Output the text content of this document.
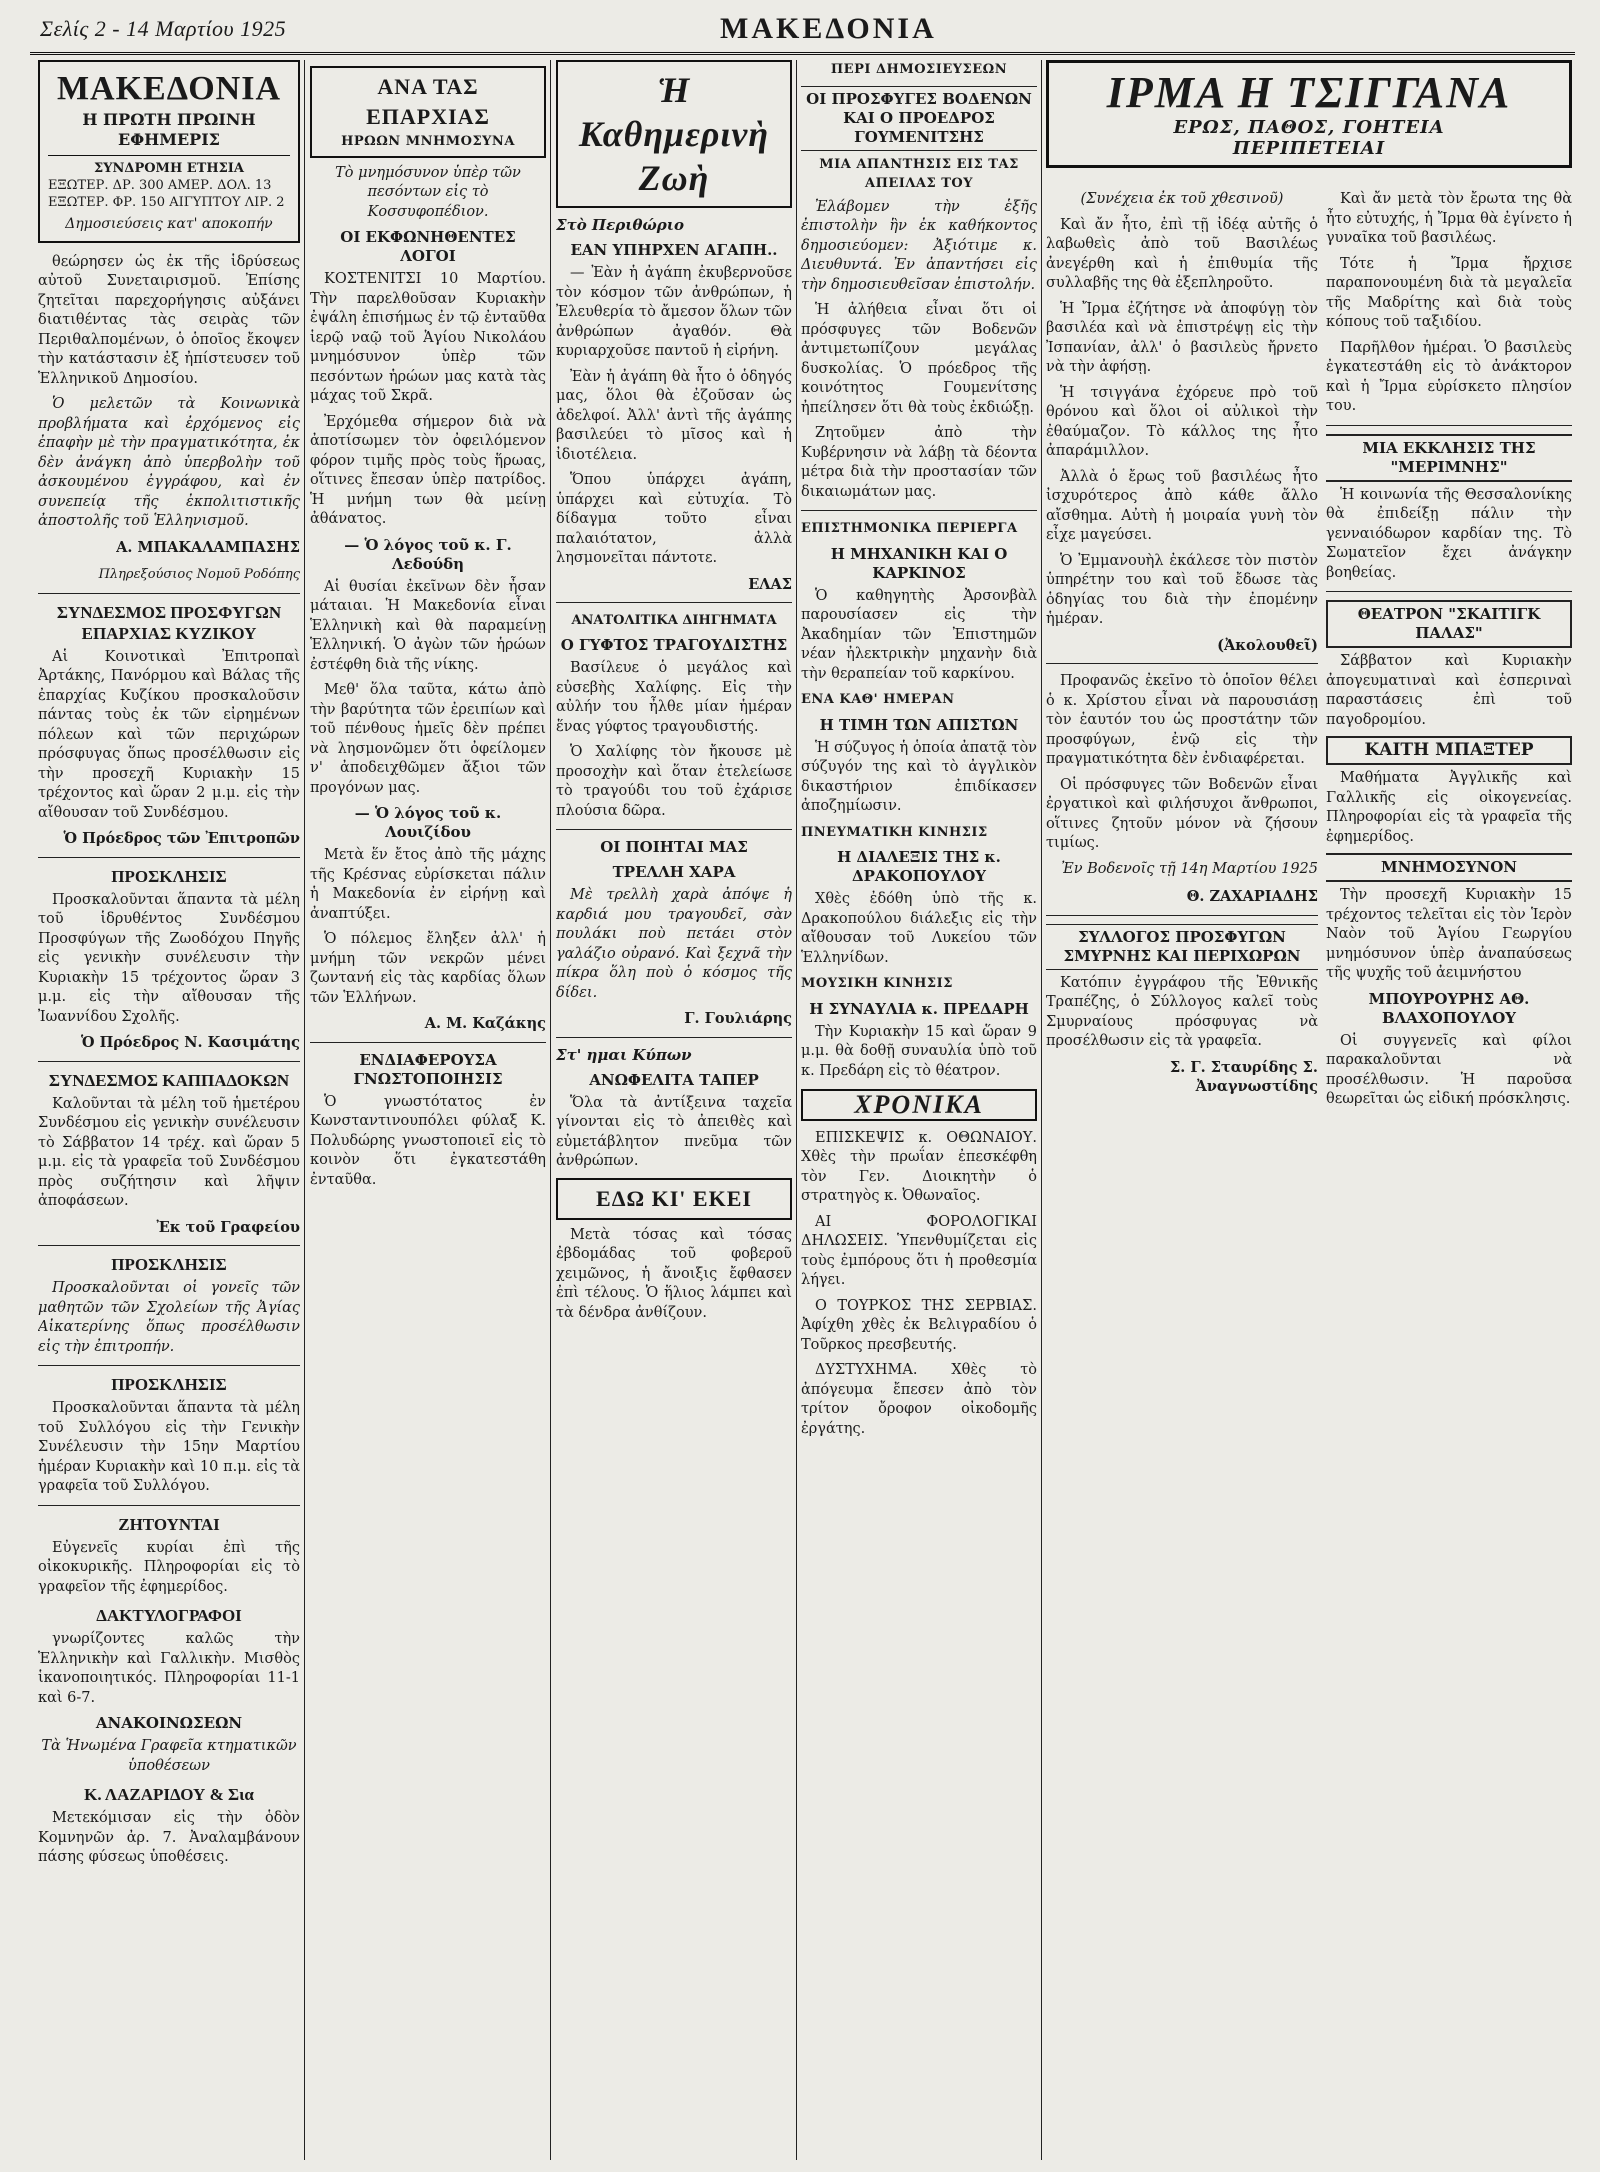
Σελίς 2 - 14 Μαρτίου 1925	ΜΑΚΕΔΟΝΙΑ
ΜΑΚΕΔΟΝΙΑ
Η ΠΡΩΤΗ ΠΡΩΙΝΗ ΕΦΗΜΕΡΙΣ
ΣΥΝΔΡΟΜΗ ΕΤΗΣΙΑ
ΕΞΩΤΕΡ. ΔΡ. 300 ΑΜΕΡ. ΔΟΛ. 13
ΕΞΩΤΕΡ. ΦΡ. 150 ΑΙΓΥΠΤΟΥ ΛΙΡ. 2
Δημοσιεύσεις κατ' αποκοπήν

θεώρησεν ὡς ἐκ τῆς ἱδρύσεως αὐτοῦ Συνεταιρισμοῦ. Ἐπίσης ζητεῖται παρεχορήγησις αὐξάνει διατιθέντας τὰς σειρὰς τῶν Περιθαλπομένων, ὁ ὁποῖος ἔκοψεν τὴν κατάστασιν ἐξ ἠπίστευσεν τοῦ Ἑλληνικοῦ Δημοσίου.

Ὁ μελετῶν τὰ Κοινωνικὰ προβλήματα καὶ ἐρχόμενος εἰς ἐπαφὴν μὲ τὴν πραγματικότητα, ἐκ δὲν ἀνάγκη ἀπὸ ὑπερβολὴν τοῦ ἀσκουμένου ἐγγράφου, καὶ ἐν συνεπείᾳ τῆς ἐκπολιτιστικῆς ἀποστολῆς τοῦ Ἑλληνισμοῦ.

Α. ΜΠΑΚΑΛΑΜΠΑΣΗΣ
Πληρεξούσιος Νομοῦ Ροδόπης
ΣΥΝΔΕΣΜΟΣ ΠΡΟΣΦΥΓΩΝ ΕΠΑΡΧΙΑΣ ΚΥΖΙΚΟΥ

Αἱ Κοινοτικαὶ Ἐπιτροπαὶ Ἀρτάκης, Πανόρμου καὶ Βάλας τῆς ἐπαρχίας Κυζίκου προσκαλοῦσιν πάντας τοὺς ἐκ τῶν εἰρημένων πόλεων καὶ τῶν περιχώρων πρόσφυγας ὅπως προσέλθωσιν εἰς τὴν προσεχῆ Κυριακὴν 15 τρέχοντος καὶ ὥραν 2 μ.μ. εἰς τὴν αἴθουσαν τοῦ Συνδέσμου.

Ὁ Πρόεδρος τῶν Ἐπιτροπῶν
ΠΡΟΣΚΛΗΣΙΣ

Προσκαλοῦνται ἅπαντα τὰ μέλη τοῦ ἱδρυθέντος Συνδέσμου Προσφύγων τῆς Ζωοδόχου Πηγῆς εἰς γενικὴν συνέλευσιν τὴν Κυριακὴν 15 τρέχοντος ὥραν 3 μ.μ. εἰς τὴν αἴθουσαν τῆς Ἰωαννίδου Σχολῆς.

Ὁ Πρόεδρος Ν. Κασιμάτης
ΣΥΝΔΕΣΜΟΣ ΚΑΠΠΑΔΟΚΩΝ

Καλοῦνται τὰ μέλη τοῦ ἡμετέρου Συνδέσμου εἰς γενικὴν συνέλευσιν τὸ Σάββατον 14 τρέχ. καὶ ὥραν 5 μ.μ. εἰς τὰ γραφεῖα τοῦ Συνδέσμου πρὸς συζήτησιν καὶ λῆψιν ἀποφάσεων.

Ἐκ τοῦ Γραφείου
ΠΡΟΣΚΛΗΣΙΣ

Προσκαλοῦνται οἱ γονεῖς τῶν μαθητῶν τῶν Σχολείων τῆς Ἀγίας Αἰκατερίνης ὅπως προσέλθωσιν εἰς τὴν ἐπιτροπήν.

ΠΡΟΣΚΛΗΣΙΣ

Προσκαλοῦνται ἅπαντα τὰ μέλη τοῦ Συλλόγου εἰς τὴν Γενικὴν Συνέλευσιν τὴν 15ην Μαρτίου ἡμέραν Κυριακὴν καὶ 10 π.μ. εἰς τὰ γραφεῖα τοῦ Συλλόγου.

ΖΗΤΟΥΝΤΑΙ

Εὐγενεῖς κυρίαι ἐπὶ τῆς οἰκοκυρικῆς. Πληροφορίαι εἰς τὸ γραφεῖον τῆς ἐφημερίδος.

ΔΑΚΤΥΛΟΓΡΑΦΟΙ

γνωρίζοντες καλῶς τὴν Ἑλληνικὴν καὶ Γαλλικὴν. Μισθὸς ἱκανοποιητικός. Πληροφορίαι 11-1 καὶ 6-7.

ΑΝΑΚΟΙΝΩΣΕΩΝ

Τὰ Ἡνωμένα Γραφεῖα κτηματικῶν ὑποθέσεων

Κ. ΛΑΖΑΡΙΔΟΥ & Σια

Μετεκόμισαν εἰς τὴν ὁδὸν Κομνηνῶν ἀρ. 7. Ἀναλαμβάνουν πάσης φύσεως ὑποθέσεις.

ΑΝΑ ΤΑΣ ΕΠΑΡΧΙΑΣ
ΗΡΩΩΝ ΜΝΗΜΟΣΥΝΑ

Τὸ μνημόσυνον ὑπὲρ τῶν πεσόντων εἰς τὸ Κοσσυφοπέδιον.

ΟΙ ΕΚΦΩΝΗΘΕΝΤΕΣ ΛΟΓΟΙ

ΚΟΣΤΕΝΙΤΣΙ 10 Μαρτίου. Τὴν παρελθοῦσαν Κυριακὴν ἐψάλη ἐπισήμως ἐν τῷ ἐνταῦθα ἱερῷ ναῷ τοῦ Ἁγίου Νικολάου μνημόσυνον ὑπὲρ τῶν πεσόντων ἡρώων μας κατὰ τὰς μάχας τοῦ Σκρᾶ.

Ἐρχόμεθα σήμερον διὰ νὰ ἀποτίσωμεν τὸν ὀφειλόμενον φόρον τιμῆς πρὸς τοὺς ἥρωας, οἵτινες ἔπεσαν ὑπὲρ πατρίδος. Ἡ μνήμη των θὰ μείνῃ ἀθάνατος.

— Ὁ λόγος τοῦ κ. Γ. Λεδούδη

Αἱ θυσίαι ἐκεῖνων δὲν ἦσαν μάταιαι. Ἡ Μακεδονία εἶναι Ἑλληνικὴ καὶ θὰ παραμείνῃ Ἑλληνική. Ὁ ἀγὼν τῶν ἡρώων ἐστέφθη διὰ τῆς νίκης.

Μεθ' ὅλα ταῦτα, κάτω ἀπὸ τὴν βαρύτητα τῶν ἐρειπίων καὶ τοῦ πένθους ἡμεῖς δὲν πρέπει νὰ λησμονῶμεν ὅτι ὀφείλομεν ν' ἀποδειχθῶμεν ἄξιοι τῶν προγόνων μας.

— Ὁ λόγος τοῦ κ. Λουιζίδου

Μετὰ ἕν ἔτος ἀπὸ τῆς μάχης τῆς Κρέσνας εὐρίσκεται πάλιν ἡ Μακεδονία ἐν εἰρήνῃ καὶ ἀναπτύξει.

Ὁ πόλεμος ἔληξεν ἀλλ' ἡ μνήμη τῶν νεκρῶν μένει ζωντανή εἰς τὰς καρδίας ὅλων τῶν Ἑλλήνων.

Α. Μ. Καζάκης
ΕΝΔΙΑΦΕΡΟΥΣΑ ΓΝΩΣΤΟΠΟΙΗΣΙΣ

Ὁ γνωστότατος ἐν Κωνσταντινουπόλει φύλαξ Κ. Πολυδώρης γνωστοποιεῖ εἰς τὸ κοινὸν ὅτι ἐγκατεστάθη ἐνταῦθα.

Ἡ Καθημερινὴ Ζωὴ
Στὸ Περιθώριο
ΕΑΝ ΥΠΗΡΧΕΝ ΑΓΑΠΗ..

— Ἐὰν ἡ ἀγάπη ἐκυβερνοῦσε τὸν κόσμον τῶν ἀνθρώπων, ἡ Ἐλευθερία τὸ ἄμεσον ὅλων τῶν ἀνθρώπων ἀγαθόν. Θὰ κυριαρχοῦσε παντοῦ ἡ εἰρήνη.

Ἐὰν ἡ ἀγάπη θὰ ἦτο ὁ ὁδηγός μας, ὅλοι θὰ ἐζοῦσαν ὡς ἀδελφοί. Ἀλλ' ἀντὶ τῆς ἀγάπης βασιλεύει τὸ μῖσος καὶ ἡ ἰδιοτέλεια.

Ὅπου ὑπάρχει ἀγάπη, ὑπάρχει καὶ εὐτυχία. Τὸ δίδαγμα τοῦτο εἶναι παλαιότατον, ἀλλὰ λησμονεῖται πάντοτε.

ΕΛΑΣ
ΑΝΑΤΟΛΙΤΙΚΑ ΔΙΗΓΗΜΑΤΑ
Ο ΓΥΦΤΟΣ ΤΡΑΓΟΥΔΙΣΤΗΣ

Βασίλευε ὁ μεγάλος καὶ εὐσεβὴς Χαλίφης. Εἰς τὴν αὐλήν του ἦλθε μίαν ἡμέραν ἕνας γύφτος τραγουδιστής.

Ὁ Χαλίφης τὸν ἤκουσε μὲ προσοχὴν καὶ ὅταν ἐτελείωσε τὸ τραγούδι του τοῦ ἐχάρισε πλούσια δῶρα.

ΟΙ ΠΟΙΗΤΑΙ ΜΑΣ
ΤΡΕΛΛΗ ΧΑΡΑ

Μὲ τρελλὴ χαρὰ ἀπόψε ἡ καρδιά μου τραγουδεῖ, σὰν πουλάκι ποὺ πετάει στὸν γαλάζιο οὐρανό. Καὶ ξεχνᾶ τὴν πίκρα ὅλη ποὺ ὁ κόσμος τῆς δίδει.

Γ. Γουλιάρης
Στ' ημαι Κύπων
ΑΝΩΦΕΛΙΤΑ ΤΑΠΕΡ

Ὅλα τὰ ἀντίξεινα ταχεῖα γίνονται εἰς τὸ ἀπειθὲς καὶ εὐμετάβλητον πνεῦμα τῶν ἀνθρώπων.

ΕΔΩ ΚΙ' ΕΚΕΙ

Μετὰ τόσας καὶ τόσας ἐβδομάδας τοῦ φοβεροῦ χειμῶνος, ἡ ἄνοιξις ἔφθασεν ἐπὶ τέλους. Ὁ ἥλιος λάμπει καὶ τὰ δένδρα ἀνθίζουν.

ΠΕΡΙ ΔΗΜΟΣΙΕΥΣΕΩΝ
ΟΙ ΠΡΟΣΦΥΓΕΣ ΒΟΔΕΝΩΝ ΚΑΙ Ο ΠΡΟΕΔΡΟΣ ΓΟΥΜΕΝΙΤΣΗΣ
ΜΙΑ ΑΠΑΝΤΗΣΙΣ ΕΙΣ ΤΑΣ ΑΠΕΙΛΑΣ ΤΟΥ

Ἐλάβομεν τὴν ἑξῆς ἐπιστολὴν ἣν ἐκ καθήκοντος δημοσιεύομεν: Ἀξιότιμε κ. Διευθυντά. Ἐν ἀπαντήσει εἰς τὴν δημοσιευθεῖσαν ἐπιστολήν.

Ἡ ἀλήθεια εἶναι ὅτι οἱ πρόσφυγες τῶν Βοδενῶν ἀντιμετωπίζουν μεγάλας δυσκολίας. Ὁ πρόεδρος τῆς κοινότητος Γουμενίτσης ἠπείλησεν ὅτι θὰ τοὺς ἐκδιώξῃ.

Ζητοῦμεν ἀπὸ τὴν Κυβέρνησιν νὰ λάβῃ τὰ δέοντα μέτρα διὰ τὴν προστασίαν τῶν δικαιωμάτων μας.

ΕΠΙΣΤΗΜΟΝΙΚΑ ΠΕΡΙΕΡΓΑ
Η ΜΗΧΑΝΙΚΗ ΚΑΙ Ο ΚΑΡΚΙΝΟΣ

Ὁ καθηγητὴς Ἀρσονβὰλ παρουσίασεν εἰς τὴν Ἀκαδημίαν τῶν Ἐπιστημῶν νέαν ἠλεκτρικὴν μηχανὴν διὰ τὴν θεραπείαν τοῦ καρκίνου.

ΕΝΑ ΚΑΘ' ΗΜΕΡΑΝ
Η ΤΙΜΗ ΤΩΝ ΑΠΙΣΤΩΝ

Ἡ σύζυγος ἡ ὁποία ἀπατᾷ τὸν σύζυγόν της καὶ τὸ ἀγγλικὸν δικαστήριον ἐπιδίκασεν ἀποζημίωσιν.

ΠΝΕΥΜΑΤΙΚΗ ΚΙΝΗΣΙΣ
Η ΔΙΑΛΕΞΙΣ ΤΗΣ κ. ΔΡΑΚΟΠΟΥΛΟΥ

Χθὲς ἐδόθη ὑπὸ τῆς κ. Δρακοπούλου διάλεξις εἰς τὴν αἴθουσαν τοῦ Λυκείου τῶν Ἑλληνίδων.

ΜΟΥΣΙΚΗ ΚΙΝΗΣΙΣ
Η ΣΥΝΑΥΛΙΑ κ. ΠΡΕΔΑΡΗ

Τὴν Κυριακὴν 15 καὶ ὥραν 9 μ.μ. θὰ δοθῇ συναυλία ὑπὸ τοῦ κ. Πρεδάρη εἰς τὸ θέατρον.

ΧΡΟΝΙΚΑ

ΕΠΙΣΚΕΨΙΣ κ. ΟΘΩΝΑΙΟΥ. Χθὲς τὴν πρωΐαν ἐπεσκέφθη τὸν Γεν. Διοικητὴν ὁ στρατηγὸς κ. Ὀθωναῖος.

ΑΙ ΦΟΡΟΛΟΓΙΚΑΙ ΔΗΛΩΣΕΙΣ. Ὑπενθυμίζεται εἰς τοὺς ἐμπόρους ὅτι ἡ προθεσμία λήγει.

Ο ΤΟΥΡΚΟΣ ΤΗΣ ΣΕΡΒΙΑΣ. Ἀφίχθη χθὲς ἐκ Βελιγραδίου ὁ Τοῦρκος πρεσβευτής.

ΔΥΣΤΥΧΗΜΑ. Χθὲς τὸ ἀπόγευμα ἔπεσεν ἀπὸ τὸν τρίτον ὄροφον οἰκοδομῆς ἐργάτης.

ΙΡΜΑ Η ΤΣΙΓΓΑΝΑ
ΕΡΩΣ, ΠΑΘΟΣ, ΓΟΗΤΕΙΑ
ΠΕΡΙΠΕΤΕΙΑΙ

(Συνέχεια ἐκ τοῦ χθεσινοῦ)

Καὶ ἄν ἦτο, ἐπὶ τῇ ἰδέᾳ αὐτῆς ὁ λαβωθεὶς ἀπὸ τοῦ Βασιλέως ἀνεγέρθη καὶ ἡ ἐπιθυμία τῆς συλλαβῆς της θὰ ἐξεπληροῦτο.

Ἡ Ἴρμα ἐζήτησε νὰ ἀποφύγῃ τὸν βασιλέα καὶ νὰ ἐπιστρέψῃ εἰς τὴν Ἰσπανίαν, ἀλλ' ὁ βασιλεὺς ἤρνετο νὰ τὴν ἀφήσῃ.

Ἡ τσιγγάνα ἐχόρευε πρὸ τοῦ θρόνου καὶ ὅλοι οἱ αὐλικοὶ τὴν ἐθαύμαζον. Τὸ κάλλος της ἦτο ἀπαράμιλλον.

Ἀλλὰ ὁ ἔρως τοῦ βασιλέως ἦτο ἰσχυρότερος ἀπὸ κάθε ἄλλο αἴσθημα. Αὐτὴ ἡ μοιραία γυνὴ τὸν εἶχε μαγεύσει.

Ὁ Ἐμμανουὴλ ἐκάλεσε τὸν πιστὸν ὑπηρέτην του καὶ τοῦ ἔδωσε τὰς ὁδηγίας του διὰ τὴν ἐπομένην ἡμέραν.

(Ἀκολουθεῖ)

Προφανῶς ἐκεῖνο τὸ ὁποῖον θέλει ὁ κ. Χρίστου εἶναι νὰ παρουσιάσῃ τὸν ἑαυτόν του ὡς προστάτην τῶν προσφύγων, ἐνῷ εἰς τὴν πραγματικότητα δὲν ἐνδιαφέρεται.

Οἱ πρόσφυγες τῶν Βοδενῶν εἶναι ἐργατικοὶ καὶ φιλήσυχοι ἄνθρωποι, οἵτινες ζητοῦν μόνον νὰ ζήσουν τιμίως.

Ἐν Βοδενοῖς τῇ 14η Μαρτίου 1925
Θ. ΖΑΧΑΡΙΑΔΗΣ
ΣΥΛΛΟΓΟΣ ΠΡΟΣΦΥΓΩΝ ΣΜΥΡΝΗΣ ΚΑΙ ΠΕΡΙΧΩΡΩΝ

Κατόπιν ἐγγράφου τῆς Ἐθνικῆς Τραπέζης, ὁ Σύλλογος καλεῖ τοὺς Σμυρναίους πρόσφυγας νὰ προσέλθωσιν εἰς τὰ γραφεῖα.

Σ. Γ. Σταυρίδης Σ. Ἀναγνωστίδης

Καὶ ἄν μετὰ τὸν ἔρωτα της θὰ ἦτο εὐτυχής, ἡ Ἴρμα θὰ ἐγίνετο ἡ γυναῖκα τοῦ βασιλέως.

Τότε ἡ Ἴρμα ἤρχισε παραπονουμένη διὰ τὰ μεγαλεῖα τῆς Μαδρίτης καὶ διὰ τοὺς κόπους τοῦ ταξιδίου.

Παρῆλθον ἡμέραι. Ὁ βασιλεὺς ἐγκατεστάθη εἰς τὸ ἀνάκτορον καὶ ἡ Ἴρμα εὑρίσκετο πλησίον του.

ΜΙΑ ΕΚΚΛΗΣΙΣ ΤΗΣ "ΜΕΡΙΜΝΗΣ"

Ἡ κοινωνία τῆς Θεσσαλονίκης θὰ ἐπιδείξῃ πάλιν τὴν γενναιόδωρον καρδίαν της. Τὸ Σωματεῖον ἔχει ἀνάγκην βοηθείας.

ΘΕΑΤΡΟΝ "ΣΚΑΙΤΙΓΚ ΠΑΛΑΣ"

Σάββατον καὶ Κυριακὴν ἀπογευματιναὶ καὶ ἑσπεριναὶ παραστάσεις ἐπὶ τοῦ παγοδρομίου.

ΚΑΙΤΗ ΜΠΑΞΤΕΡ

Μαθήματα Ἀγγλικῆς καὶ Γαλλικῆς εἰς οἰκογενείας. Πληροφορίαι εἰς τὰ γραφεῖα τῆς ἐφημερίδος.

ΜΝΗΜΟΣΥΝΟΝ

Τὴν προσεχῆ Κυριακὴν 15 τρέχοντος τελεῖται εἰς τὸν Ἱερὸν Ναὸν τοῦ Ἁγίου Γεωργίου μνημόσυνον ὑπὲρ ἀναπαύσεως τῆς ψυχῆς τοῦ ἀειμνήστου

ΜΠΟΥΡΟΥΡΗΣ ΑΘ. ΒΛΑΧΟΠΟΥΛΟΥ

Οἱ συγγενεῖς καὶ φίλοι παρακαλοῦνται νὰ προσέλθωσιν. Ἡ παροῦσα θεωρεῖται ὡς εἰδική πρόσκλησις.
